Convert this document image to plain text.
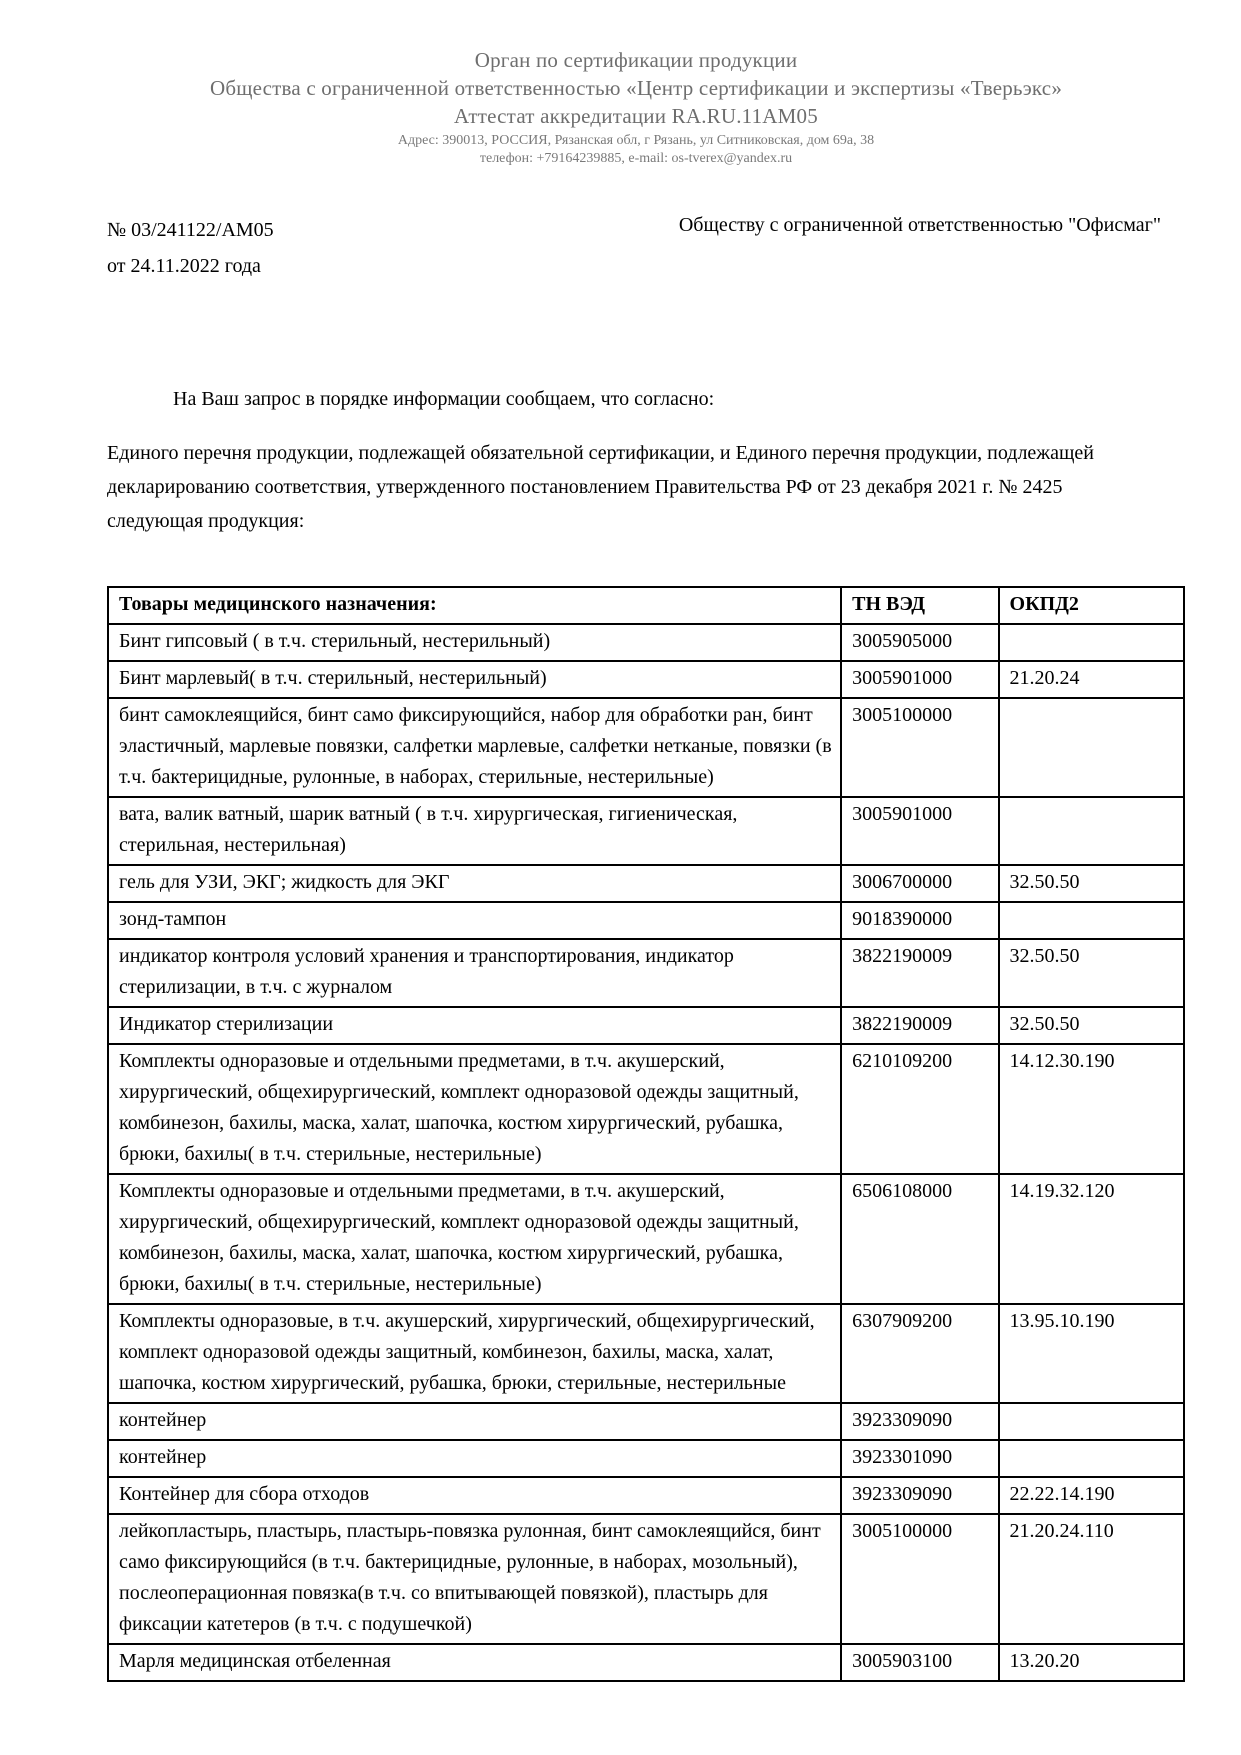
Орган по сертификации продукции
Общества с ограниченной ответственностью «Центр сертификации и экспертизы «Тверьэкс»
Аттестат аккредитации RA.RU.11АМ05
Адрес: 390013, РОССИЯ, Рязанская обл, г Рязань, ул Ситниковская, дом 69а, 38
телефон: +79164239885, e-mail: os-tverex@yandex.ru
№ 03/241122/АМ05
от 24.11.2022 года
Обществу с ограниченной ответственностью "Офисмаг"

На Ваш запрос в порядке информации сообщаем, что согласно:

Единого перечня продукции, подлежащей обязательной сертификации, и Единого перечня продукции, подлежащей декларированию соответствия, утвержденного постановлением Правительства РФ от 23 декабря 2021 г. № 2425 следующая продукция:

Товары медицинского назначения:	ТН ВЭД	ОКПД2
Бинт гипсовый ( в т.ч. стерильный, нестерильный)	3005905000	
Бинт марлевый( в т.ч. стерильный, нестерильный)	3005901000	21.20.24
бинт самоклеящийся, бинт само фиксирующийся, набор для обработки ран, бинт эластичный, марлевые повязки, салфетки марлевые, салфетки нетканые, повязки (в т.ч. бактерицидные, рулонные, в наборах, стерильные, нестерильные)	3005100000	
вата, валик ватный, шарик ватный ( в т.ч. хирургическая, гигиеническая, стерильная, нестерильная)	3005901000	
гель для УЗИ, ЭКГ; жидкость для ЭКГ	3006700000	32.50.50
зонд-тампон	9018390000	
индикатор контроля условий хранения и транспортирования, индикатор стерилизации, в т.ч. с журналом	3822190009	32.50.50
Индикатор стерилизации	3822190009	32.50.50
Комплекты одноразовые и отдельными предметами, в т.ч. акушерский, хирургический, общехирургический, комплект одноразовой одежды защитный, комбинезон, бахилы, маска, халат, шапочка, костюм хирургический, рубашка, брюки, бахилы( в т.ч. стерильные, нестерильные)	6210109200	14.12.30.190
Комплекты одноразовые и отдельными предметами, в т.ч. акушерский, хирургический, общехирургический, комплект одноразовой одежды защитный, комбинезон, бахилы, маска, халат, шапочка, костюм хирургический, рубашка, брюки, бахилы( в т.ч. стерильные, нестерильные)	6506108000	14.19.32.120
Комплекты одноразовые, в т.ч. акушерский, хирургический, общехирургический, комплект одноразовой одежды защитный, комбинезон, бахилы, маска, халат, шапочка, костюм хирургический, рубашка, брюки, стерильные, нестерильные	6307909200	13.95.10.190
контейнер	3923309090	
контейнер	3923301090	
Контейнер для сбора отходов	3923309090	22.22.14.190
лейкопластырь, пластырь, пластырь-повязка рулонная, бинт самоклеящийся, бинт само фиксирующийся (в т.ч. бактерицидные, рулонные, в наборах, мозольный), послеоперационная повязка(в т.ч. со впитывающей повязкой), пластырь для фиксации катетеров (в т.ч. с подушечкой)	3005100000	21.20.24.110
Марля медицинская отбеленная	3005903100	13.20.20
